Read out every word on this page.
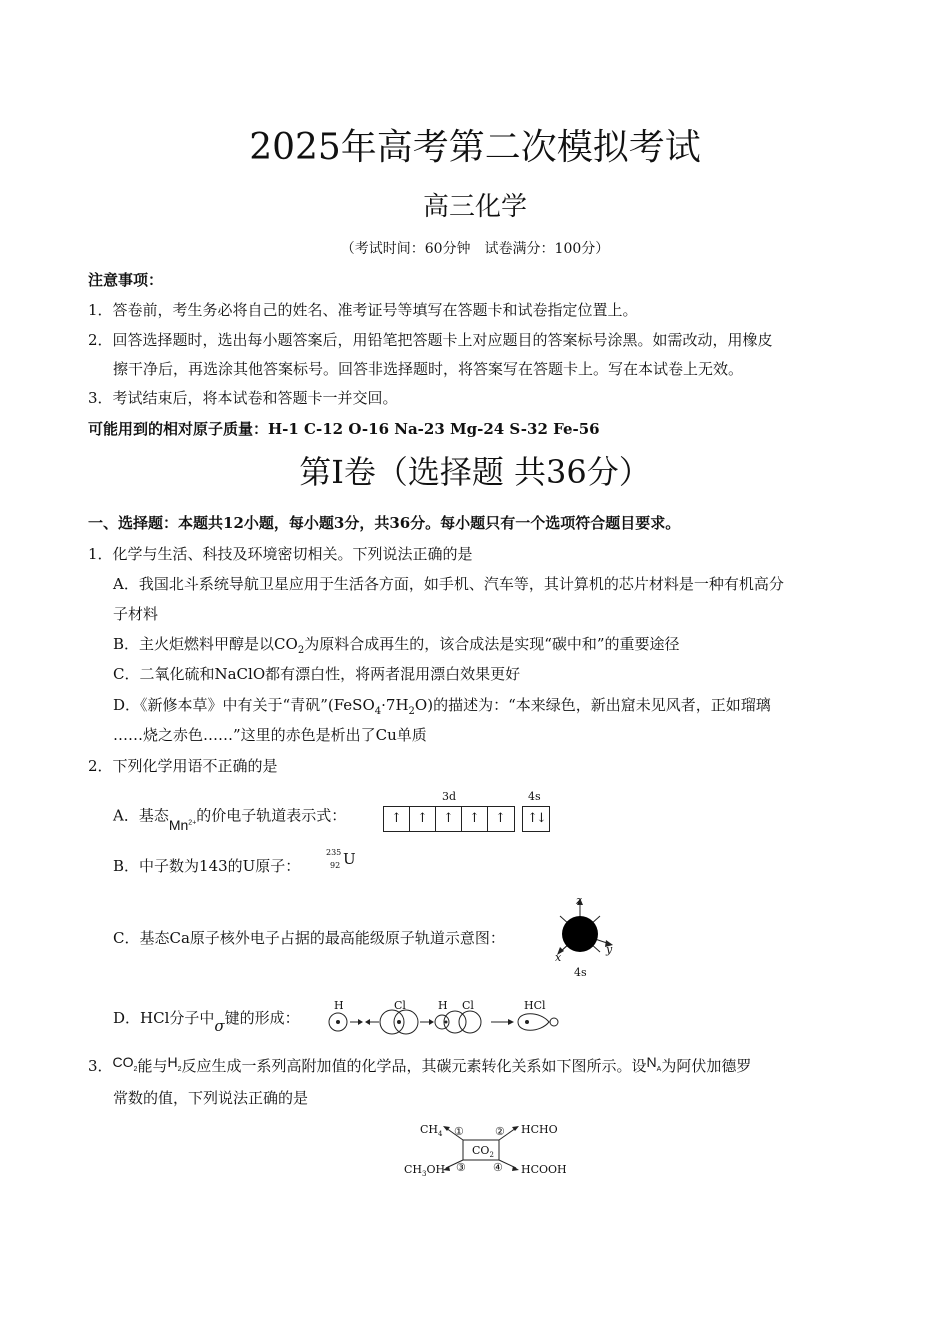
2025年高考第二次模拟考试
高三化学
（考试时间：60分钟　试卷满分：100分）
注意事项：
1．答卷前，考生务必将自己的姓名、准考证号等填写在答题卡和试卷指定位置上。
2．回答选择题时，选出每小题答案后，用铅笔把答题卡上对应题目的答案标号涂黑。如需改动，用橡皮
擦干净后，再选涂其他答案标号。回答非选择题时，将答案写在答题卡上。写在本试卷上无效。
3．考试结束后，将本试卷和答题卡一并交回。
可能用到的相对原子质量：H-1 C-12 O-16 Na-23 Mg-24 S-32 Fe-56
第Ⅰ卷（选择题 共36分）
一、选择题：本题共12小题，每小题3分，共36分。每小题只有一个选项符合题目要求。
1．化学与生活、科技及环境密切相关。下列说法正确的是
A．我国北斗系统导航卫星应用于生活各方面，如手机、汽车等，其计算机的芯片材料是一种有机高分
子材料
B．主火炬燃料甲醇是以$CO_2$为原料合成再生的，该合成法是实现“碳中和”的重要途径
C．二氧化硫和NaClO都有漂白性，将两者混用漂白效果更好
D．《新修本草》中有关于“青矾$”(FeSO_4\cdot 7H_2O)$的描述为：“本来绿色，新出窟未见风者，正如瑠璃
……烧之赤色……”这里的赤色是析出了Cu单质
2．下列化学用语不正确的是
A．基态$Mn^{2+}$的价电子轨道表示式：
3d	4s
↑	↑	↑	↑	↑	↑↓
B．中子数为143的U原子：
235
92 U
C．基态Ca原子核外电子占据的最高能级原子轨道示意图：
z
y
x
4s
D．HCl分子中σ键的形成：
H	Cl	H Cl	HCl
3．$CO_2$能与$H_2$反应生成一系列高附加值的化学品，其碳元素转化关系如下图所示。设$N_A$为阿伏加德罗
常数的值，下列说法正确的是
$CH_4$ ①	② HCHO
$CO_2$
$CH_3OH$ ③ ④ HCOOH
